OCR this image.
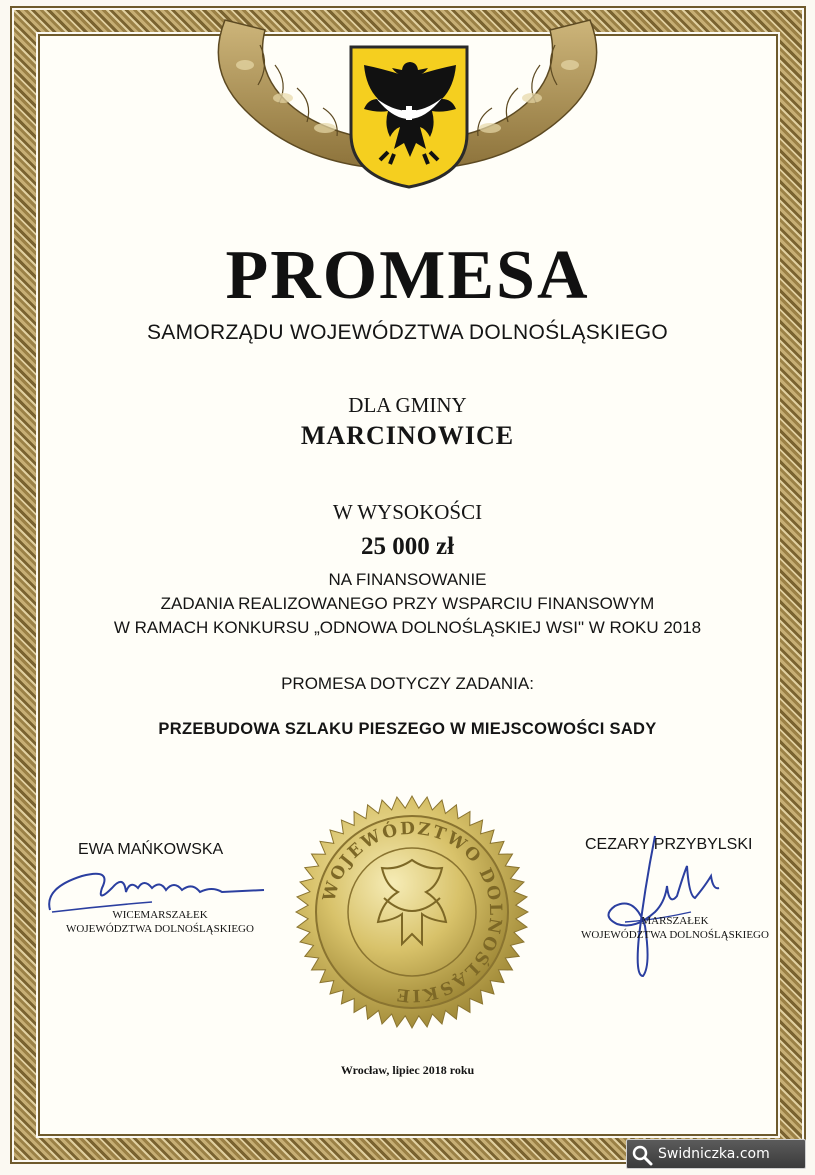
PROMESA
SAMORZĄDU WOJEWÓDZTWA DOLNOŚLĄSKIEGO
DLA GMINY
MARCINOWICE
W WYSOKOŚCI
25 000 zł
NA FINANSOWANIE
ZADANIA REALIZOWANEGO PRZY WSPARCIU FINANSOWYM
W RAMACH KONKURSU „ODNOWA DOLNOŚLĄSKIEJ WSI" W ROKU 2018
PROMESA DOTYCZY ZADANIA:
PRZEBUDOWA SZLAKU PIESZEGO W MIEJSCOWOŚCI SADY
EWA MAŃKOWSKA
WICEMARSZAŁEK
WOJEWÓDZTWA DOLNOŚLĄSKIEGO
CEZARY PRZYBYLSKI
MARSZAŁEK
WOJEWÓDZTWA DOLNOŚLĄSKIEGO
WOJEWÓDZTWO DOLNOŚLĄSKIE
Wrocław, lipiec 2018 roku
Swidniczka.com
